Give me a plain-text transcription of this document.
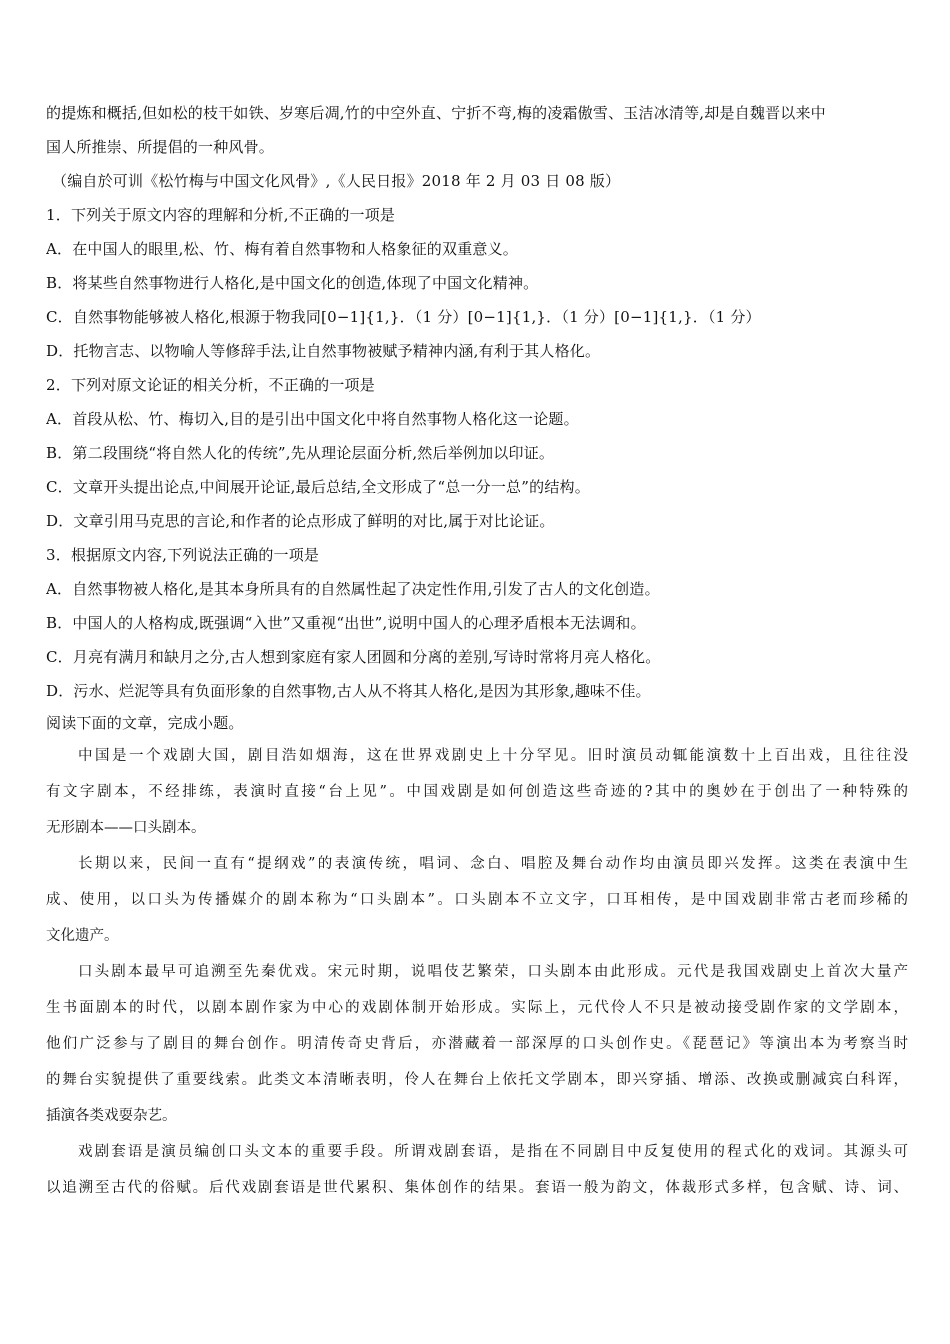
的提炼和概括,但如松的枝干如铁、岁寒后凋,竹的中空外直、宁折不弯,梅的凌霜傲雪、玉洁冰清等,却是自魏晋以来中
国人所推崇、所提倡的一种风骨。
（编自於可训《松竹梅与中国文化风骨》,《人民日报》2018 年 2 月 03 日 08 版）
1．下列关于原文内容的理解和分析,不正确的一项是
A．在中国人的眼里,松、竹、梅有着自然事物和人格象征的双重意义。
B．将某些自然事物进行人格化,是中国文化的创造,体现了中国文化精神。
C．自然事物能够被人格化,根源于物我同[0−1]{1,}．（1 分）[0−1]{1,}．（1 分）[0−1]{1,}．（1 分）
D．托物言志、以物喻人等修辞手法,让自然事物被赋予精神内涵,有利于其人格化。
2．下列对原文论证的相关分析，不正确的一项是
A．首段从松、竹、梅切入,目的是引出中国文化中将自然事物人格化这一论题。
B．第二段围绕“将自然人化的传统”,先从理论层面分析,然后举例加以印证。
C．文章开头提出论点,中间展开论证,最后总结,全文形成了“总一分一总”的结构。
D．文章引用马克思的言论,和作者的论点形成了鲜明的对比,属于对比论证。
3．根据原文内容,下列说法正确的一项是
A．自然事物被人格化,是其本身所具有的自然属性起了决定性作用,引发了古人的文化创造。
B．中国人的人格构成,既强调“入世”又重视“出世”,说明中国人的心理矛盾根本无法调和。
C．月亮有满月和缺月之分,古人想到家庭有家人团圆和分离的差别,写诗时常将月亮人格化。
D．污水、烂泥等具有负面形象的自然事物,古人从不将其人格化,是因为其形象,趣味不佳。
阅读下面的文章，完成小题。
中国是一个戏剧大国，剧目浩如烟海，这在世界戏剧史上十分罕见。旧时演员动辄能演数十上百出戏，且往往没
有文字剧本，不经排练，表演时直接“台上见”。中国戏剧是如何创造这些奇迹的?其中的奥妙在于创出了一种特殊的
无形剧本——口头剧本。
长期以来，民间一直有“提纲戏”的表演传统，唱词、念白、唱腔及舞台动作均由演员即兴发挥。这类在表演中生
成、使用，以口头为传播媒介的剧本称为“口头剧本”。口头剧本不立文字，口耳相传，是中国戏剧非常古老而珍稀的
文化遗产。
口头剧本最早可追溯至先秦优戏。宋元时期，说唱伎艺繁荣，口头剧本由此形成。元代是我国戏剧史上首次大量产
生书面剧本的时代，以剧本剧作家为中心的戏剧体制开始形成。实际上，元代伶人不只是被动接受剧作家的文学剧本，
他们广泛参与了剧目的舞台创作。明清传奇史背后，亦潜藏着一部深厚的口头创作史。《琵琶记》等演出本为考察当时
的舞台实貌提供了重要线索。此类文本清晰表明，伶人在舞台上依托文学剧本，即兴穿插、增添、改换或删减宾白科诨，
插演各类戏耍杂艺。
戏剧套语是演员编创口头文本的重要手段。所谓戏剧套语，是指在不同剧目中反复使用的程式化的戏词。其源头可
以追溯至古代的俗赋。后代戏剧套语是世代累积、集体创作的结果。套语一般为韵文，体裁形式多样，包含赋、诗、词、
